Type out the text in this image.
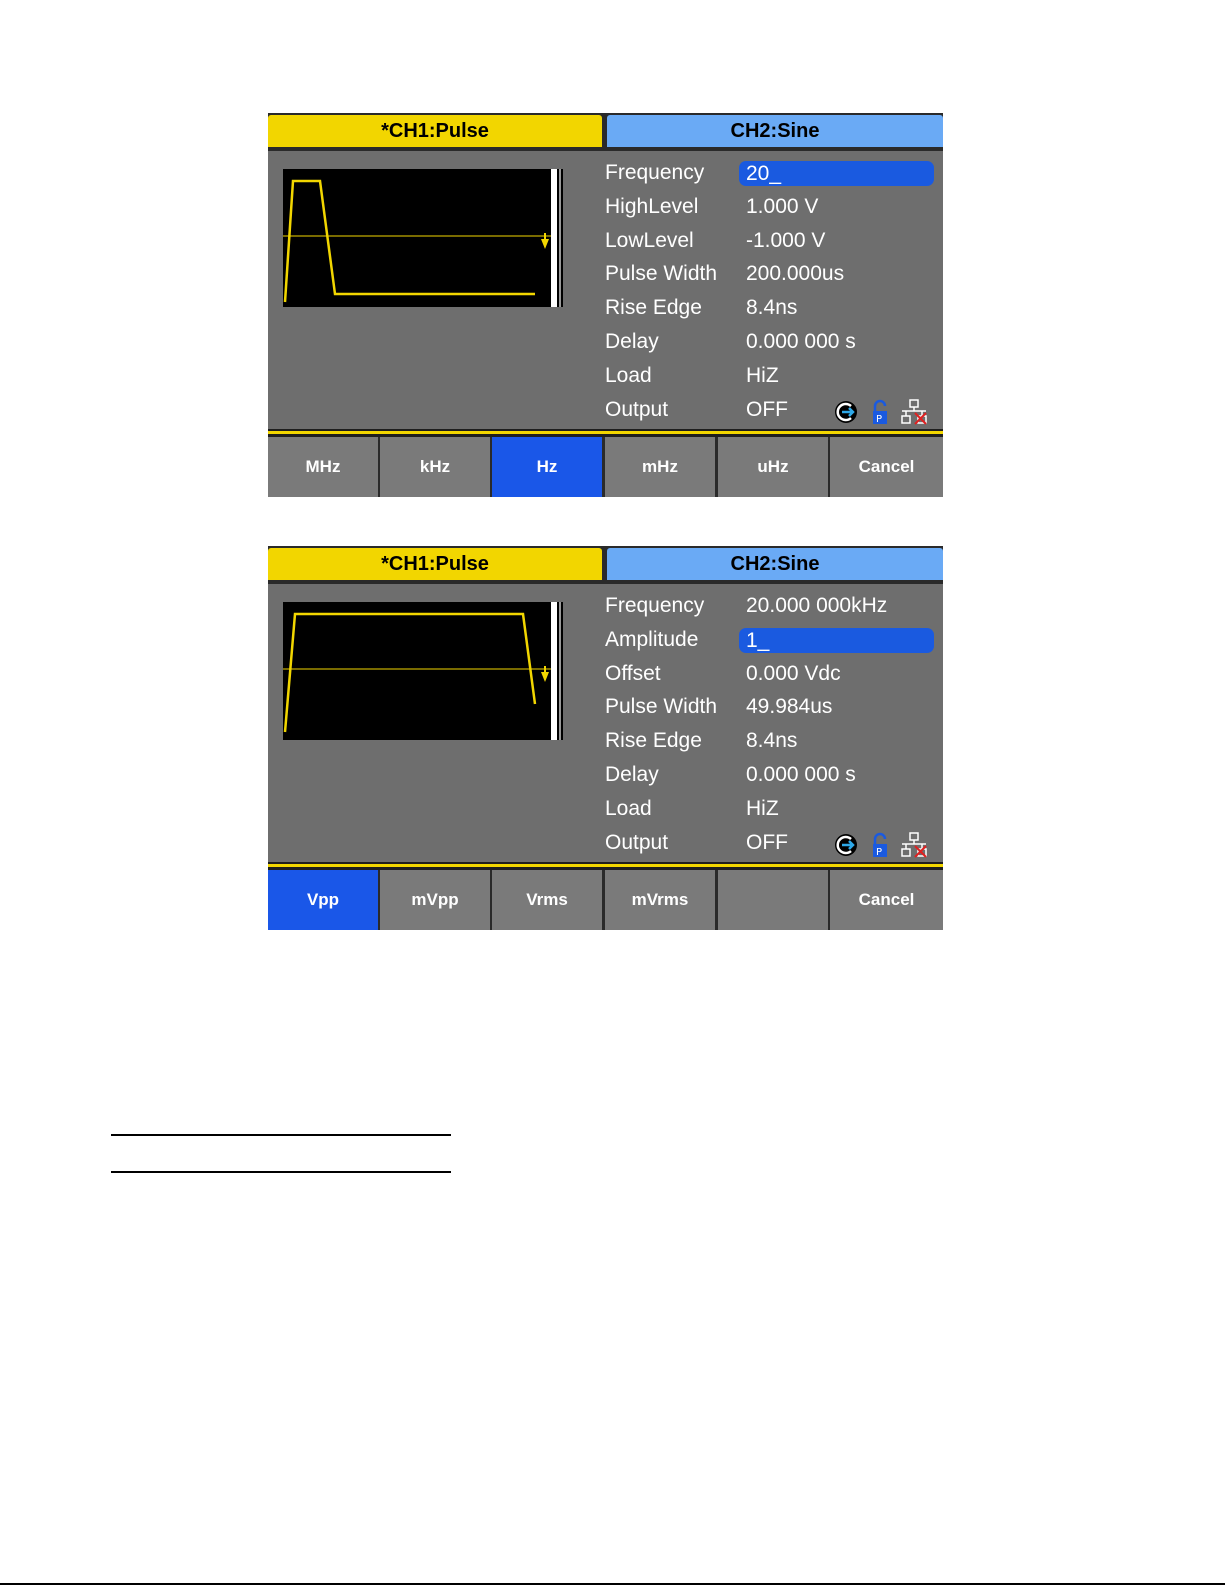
*CH1:Pulse	CH2:Sine
Frequency	20_
HighLevel 1.000 V
LowLevel -1.000 V
Pulse Width 200.000us
Rise Edge 8.4ns
Delay	0.000 000 s
Load	HiZ
Output	OFF
	P

MHz	kHz	Hz	mHz	uHz	Cancel
*CH1:Pulse	CH2:Sine
Frequency 20.000 000kHz
Amplitude	1_
Offset	0.000 Vdc
Pulse Width 49.984us
Rise Edge 8.4ns
Delay	0.000 000 s
Load	HiZ
Output	OFF
	P

Vpp	mVpp	Vrms	mVrms	Cancel
